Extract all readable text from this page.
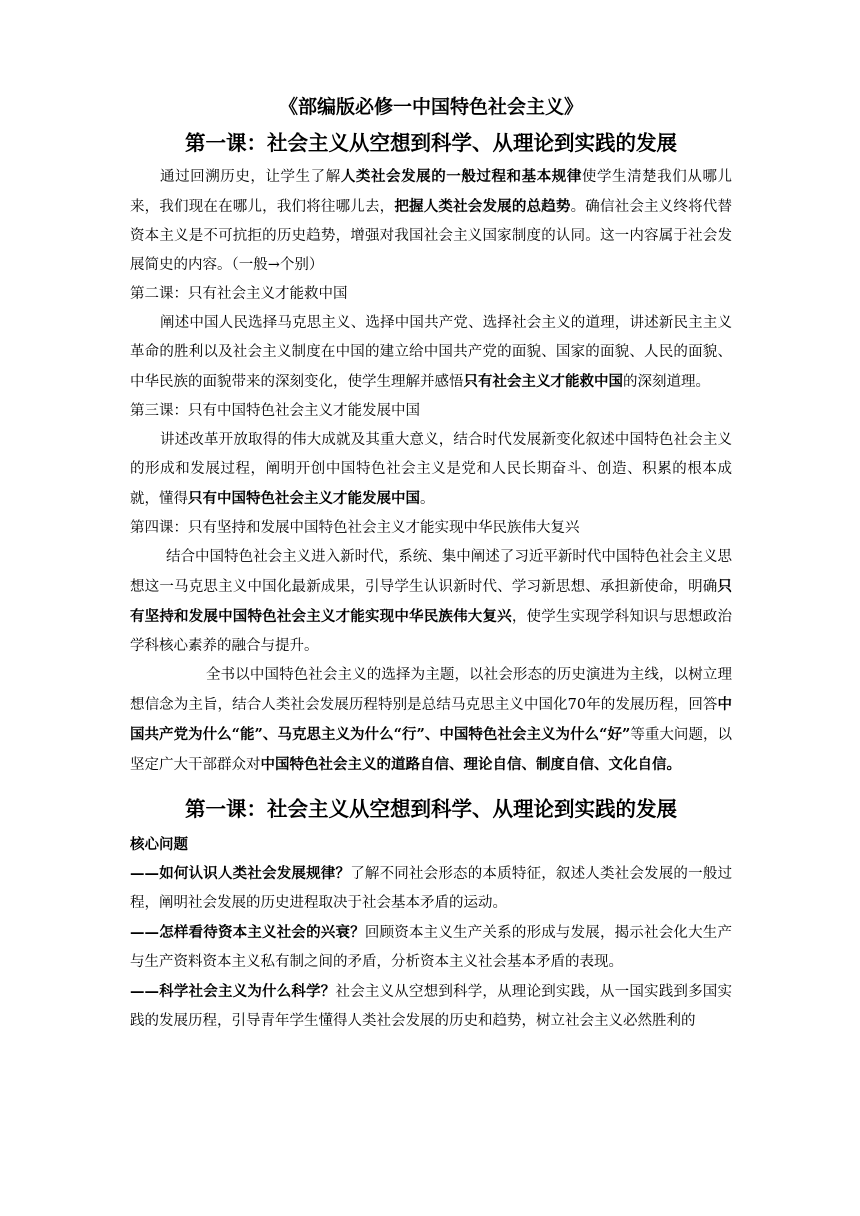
《部编版必修一中国特色社会主义》
第一课：社会主义从空想到科学、从理论到实践的发展

通过回溯历史，让学生了解人类社会发展的一般过程和基本规律使学生清楚我们从哪儿来，我们现在在哪儿，我们将往哪儿去，把握人类社会发展的总趋势。确信社会主义终将代替资本主义是不可抗拒的历史趋势，增强对我国社会主义国家制度的认同。这一内容属于社会发展简史的内容。（一般→个别）

第二课：只有社会主义才能救中国

阐述中国人民选择马克思主义、选择中国共产党、选择社会主义的道理，讲述新民主主义革命的胜利以及社会主义制度在中国的建立给中国共产党的面貌、国家的面貌、人民的面貌、中华民族的面貌带来的深刻变化，使学生理解并感悟只有社会主义才能救中国的深刻道理。

第三课：只有中国特色社会主义才能发展中国

讲述改革开放取得的伟大成就及其重大意义，结合时代发展新变化叙述中国特色社会主义的形成和发展过程，阐明开创中国特色社会主义是党和人民长期奋斗、创造、积累的根本成就，懂得只有中国特色社会主义才能发展中国。

第四课：只有坚持和发展中国特色社会主义才能实现中华民族伟大复兴

结合中国特色社会主义进入新时代，系统、集中阐述了习近平新时代中国特色社会主义思想这一马克思主义中国化最新成果，引导学生认识新时代、学习新思想、承担新使命，明确只有坚持和发展中国特色社会主义才能实现中华民族伟大复兴，使学生实现学科知识与思想政治学科核心素养的融合与提升。

全书以中国特色社会主义的选择为主题，以社会形态的历史演进为主线，以树立理想信念为主旨，结合人类社会发展历程特别是总结马克思主义中国化70年的发展历程，回答中国共产党为什么“能”、马克思主义为什么“行”、中国特色社会主义为什么“好”等重大问题，以坚定广大干部群众对中国特色社会主义的道路自信、理论自信、制度自信、文化自信。

第一课：社会主义从空想到科学、从理论到实践的发展
核心问题

——如何认识人类社会发展规律？了解不同社会形态的本质特征，叙述人类社会发展的一般过程，阐明社会发展的历史进程取决于社会基本矛盾的运动。

——怎样看待资本主义社会的兴衰？回顾资本主义生产关系的形成与发展，揭示社会化大生产与生产资料资本主义私有制之间的矛盾，分析资本主义社会基本矛盾的表现。

——科学社会主义为什么科学？社会主义从空想到科学，从理论到实践，从一国实践到多国实践的发展历程，引导青年学生懂得人类社会发展的历史和趋势，树立社会主义必然胜利的
